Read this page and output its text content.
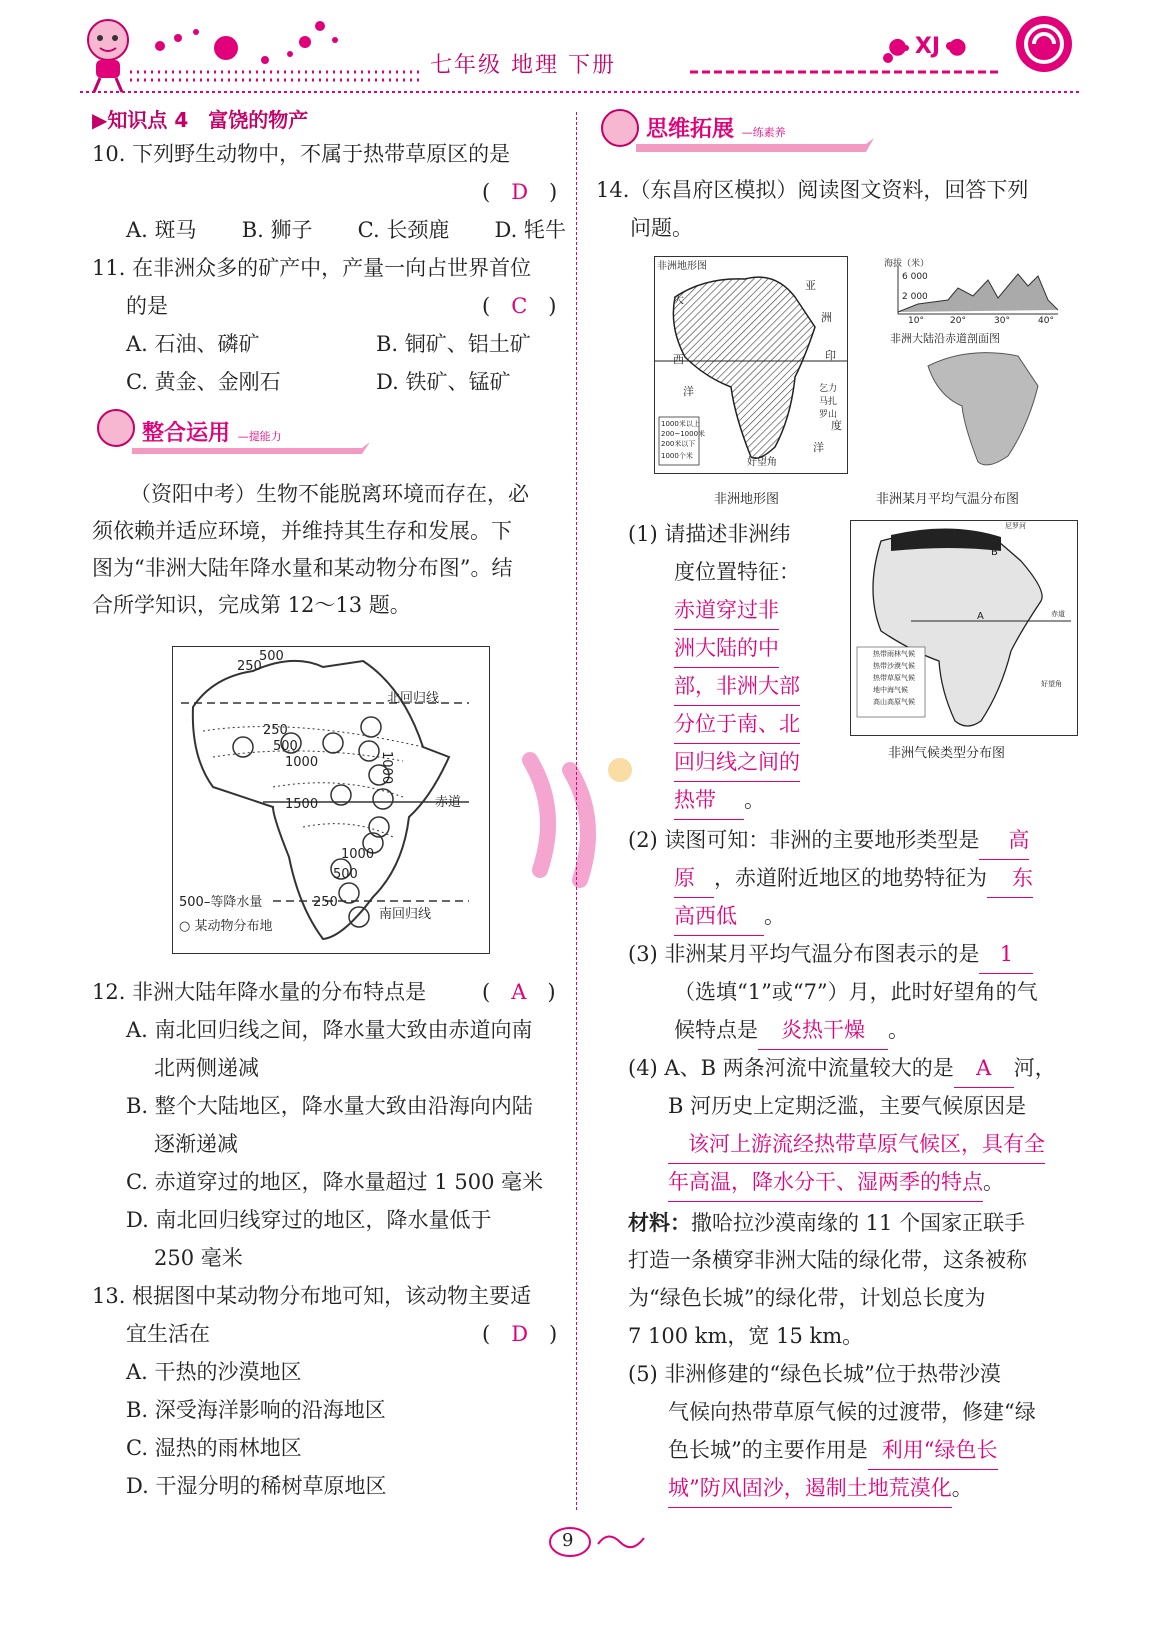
七年级 地理 下册
● XJ ●
▶知识点 4　富饶的物产
10. 下列野生动物中，不属于热带草原区的是
(　D　)
A. 斑马 B. 狮子 C. 长颈鹿 D. 牦牛
11. 在非洲众多的矿产中，产量一向占世界首位
的是	(　C　)
A. 石油、磷矿	B. 铜矿、铝土矿
C. 黄金、金刚石	D. 铁矿、锰矿
整合运用 —提能力
（资阳中考）生物不能脱离环境而存在，必
须依赖并适应环境，并维持其生存和发展。下
图为“非洲大陆年降水量和某动物分布图”。结
合所学知识，完成第 12～13 题。
500
250
北回归线
250
500
1000	1000
赤道
1500
1000
500
250
南回归线
500–等降水量
○ 某动物分布地
12. 非洲大陆年降水量的分布特点是	(　A　)
A. 南北回归线之间，降水量大致由赤道向南
北两侧递减
B. 整个大陆地区，降水量大致由沿海向内陆
逐渐递减
C. 赤道穿过的地区，降水量超过 1 500 毫米
D. 南北回归线穿过的地区，降水量低于
250 毫米
13. 根据图中某动物分布地可知，该动物主要适
宜生活在	(　D　)
A. 干热的沙漠地区
B. 深受海洋影响的沿海地区
C. 湿热的雨林地区
D. 干湿分明的稀树草原地区
思维拓展 —练素养
14.（东昌府区模拟）阅读图文资料，回答下列
问题。
非洲地形图
亚
大
洲
西	印
洋	乞力马扎罗山
度
洋
好望角
1000米以上
200~1000米
200米以下
1000个米
非洲地形图
海拔（米）
6 000
2 000
10°	20°	30°	40°
非洲大陆沿赤道剖面图
非洲某月平均气温分布图
B
尼罗河
A	赤道
好望角
热带雨林气候
热带沙漠气候
热带草原气候
地中海气候
高山高原气候
非洲气候类型分布图
(1) 请描述非洲纬
度位置特征：
赤道穿过非
洲大陆的中
部，非洲大部
分位于南、北
回归线之间的
热带 。
(2) 读图可知：非洲的主要地形类型是 高
原 ，赤道附近地区的地势特征为 东
高西低 。
(3) 非洲某月平均气温分布图表示的是 1
（选填“1”或“7”）月，此时好望角的气
候特点是 炎热干燥 。
(4) A、B 两条河流中流量较大的是 A 河，
B 河历史上定期泛滥，主要气候原因是
该河上游流经热带草原气候区，具有全
年高温，降水分干、湿两季的特点。
材料：撒哈拉沙漠南缘的 11 个国家正联手
打造一条横穿非洲大陆的绿化带，这条被称
为“绿色长城”的绿化带，计划总长度为
7 100 km，宽 15 km。
(5) 非洲修建的“绿色长城”位于热带沙漠
气候向热带草原气候的过渡带，修建“绿
色长城”的主要作用是 利用“绿色长
城”防风固沙，遏制土地荒漠化。
9
